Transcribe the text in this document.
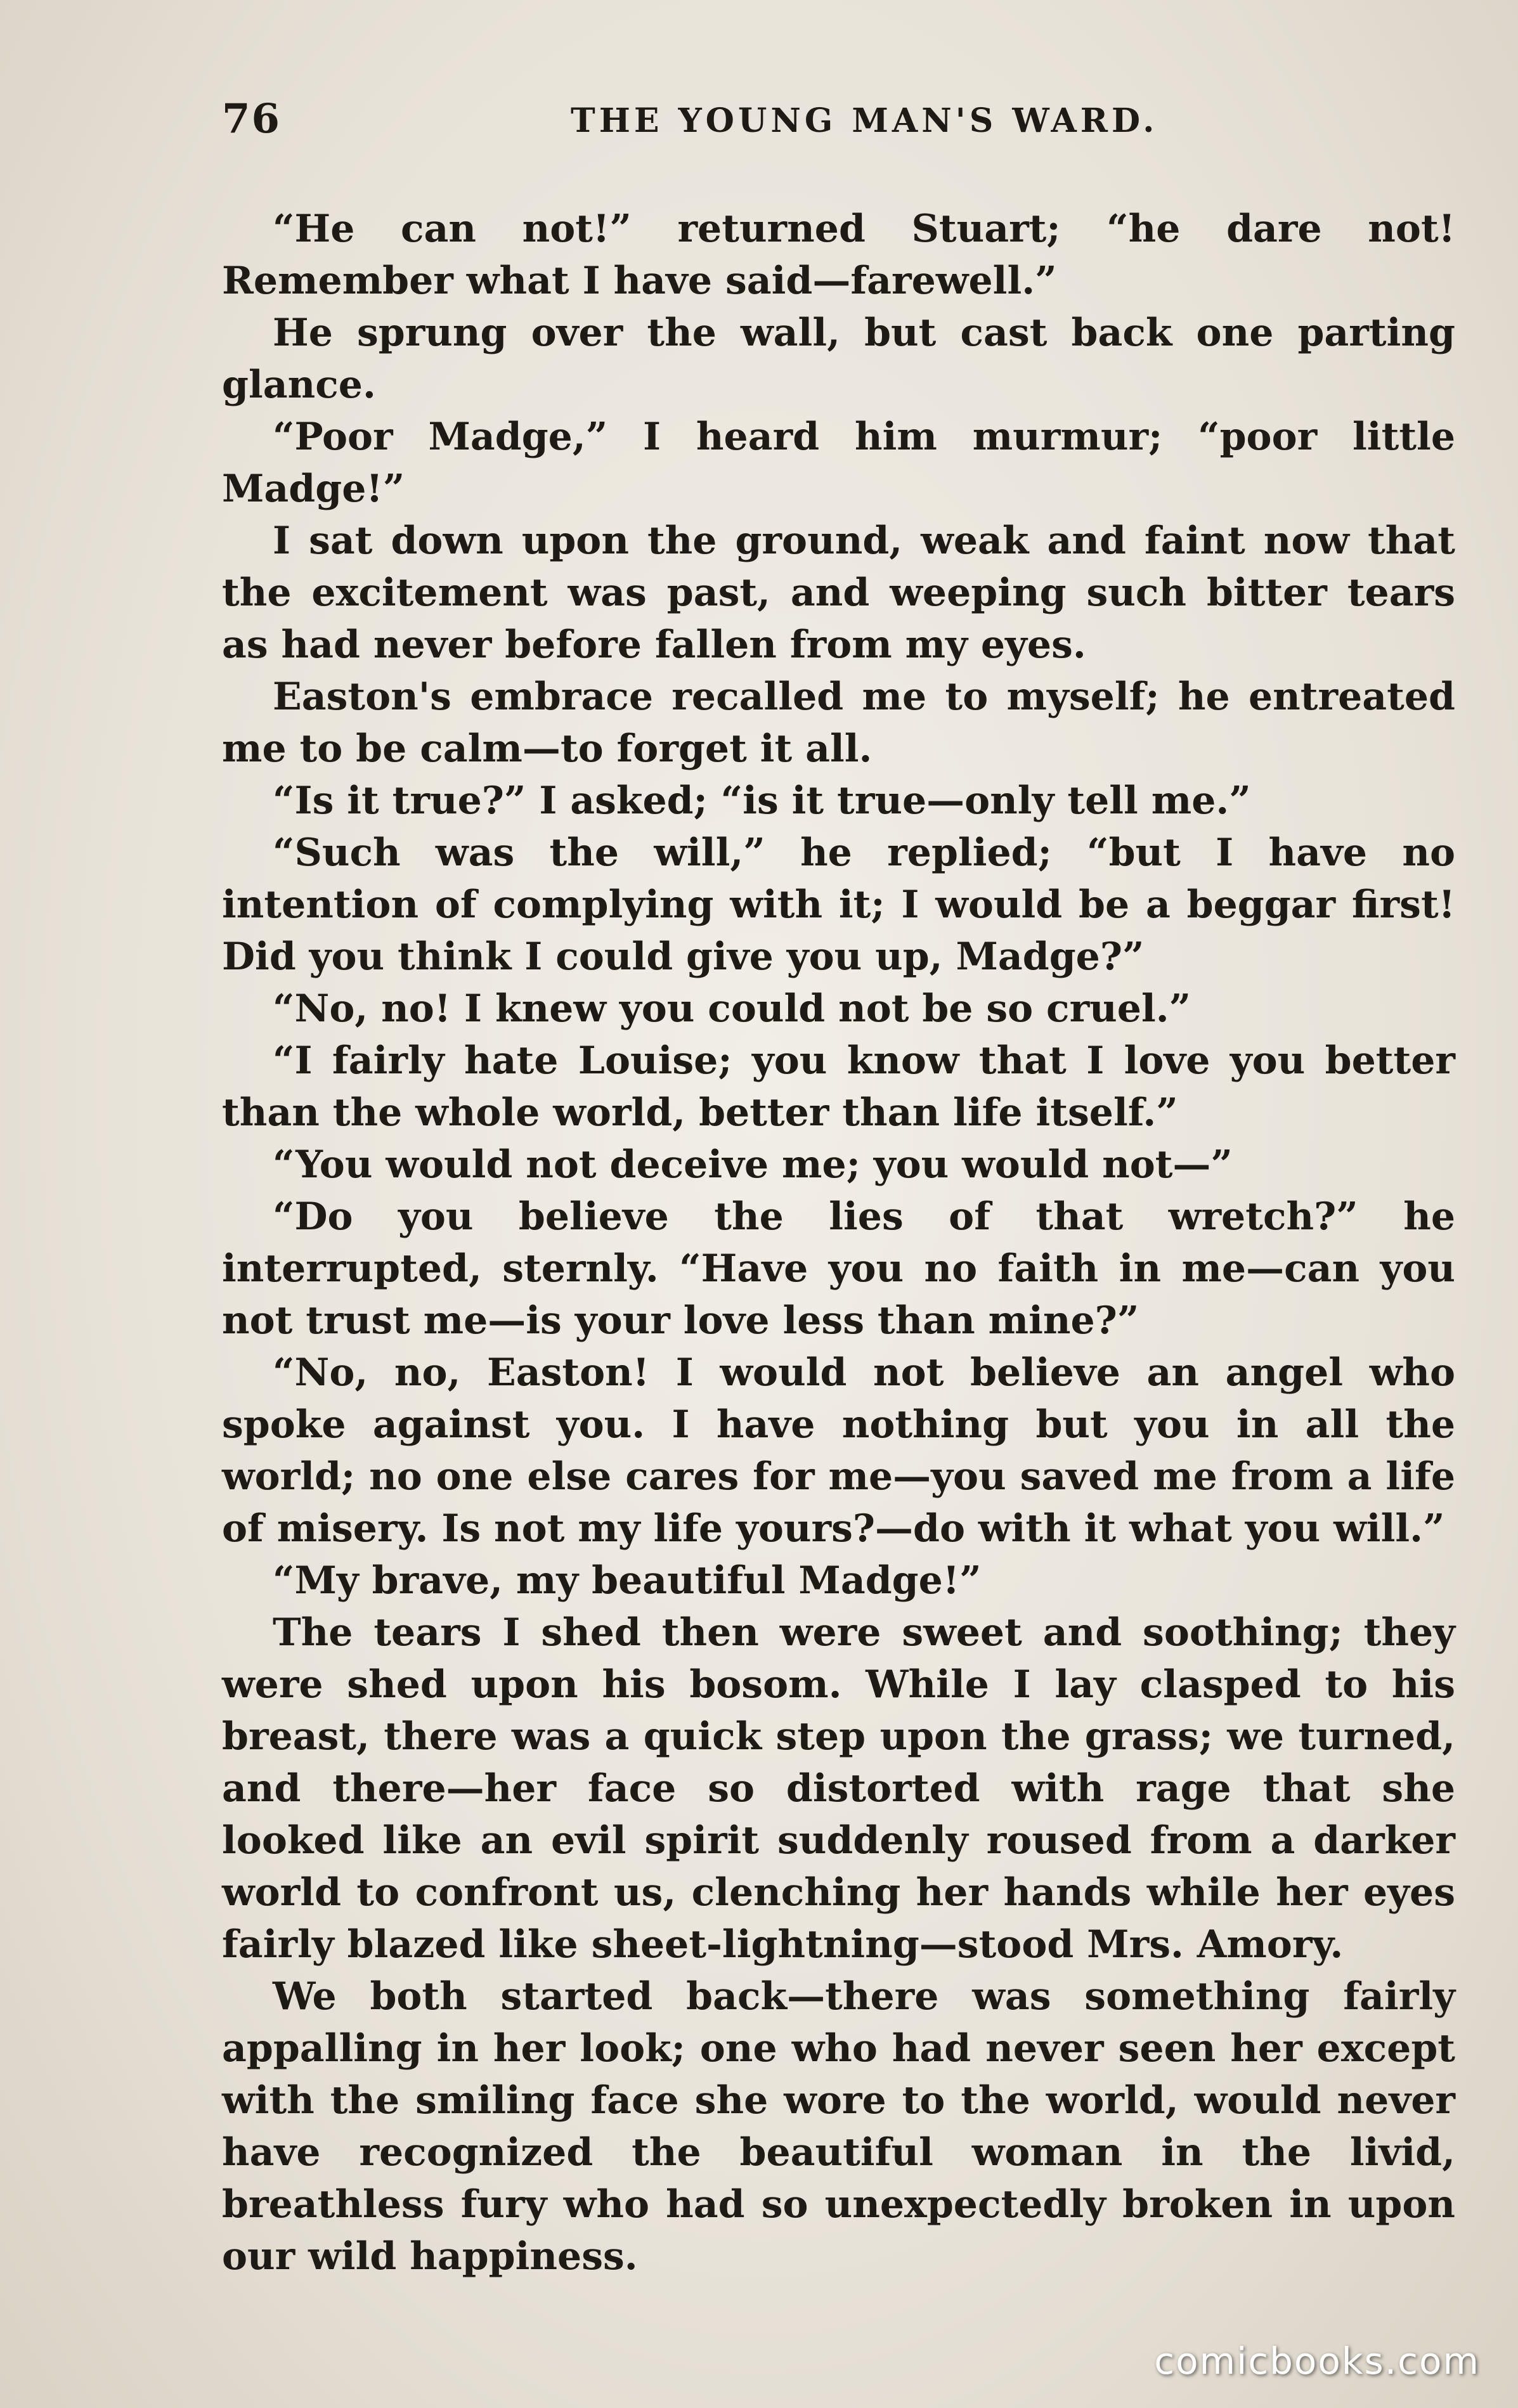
76	THE YOUNG MAN'S WARD.

“He can not!” returned Stuart; “he dare not! Remember what I have said—farewell.”

He sprung over the wall, but cast back one parting glance.

“Poor Madge,” I heard him murmur; “poor little Madge!”

I sat down upon the ground, weak and faint now that the excitement was past, and weeping such bitter tears as had never before fallen from my eyes.

Easton's embrace recalled me to myself; he entreated me to be calm—to forget it all.

“Is it true?” I asked; “is it true—only tell me.”

“Such was the will,” he replied; “but I have no intention of complying with it; I would be a beggar first! Did you think I could give you up, Madge?”

“No, no! I knew you could not be so cruel.”

“I fairly hate Louise; you know that I love you better than the whole world, better than life itself.”

“You would not deceive me; you would not—”

“Do you believe the lies of that wretch?” he interrupted, sternly. “Have you no faith in me—can you not trust me—is your love less than mine?”

“No, no, Easton! I would not believe an angel who spoke against you. I have nothing but you in all the world; no one else cares for me—you saved me from a life of misery. Is not my life yours?—do with it what you will.”

“My brave, my beautiful Madge!”

The tears I shed then were sweet and soothing; they were shed upon his bosom. While I lay clasped to his breast, there was a quick step upon the grass; we turned, and there—her face so distorted with rage that she looked like an evil spirit suddenly roused from a darker world to confront us, clenching her hands while her eyes fairly blazed like sheet-lightning—stood Mrs. Amory.

We both started back—there was something fairly appalling in her look; one who had never seen her except with the smiling face she wore to the world, would never have recognized the beautiful woman in the livid, breathless fury who had so unexpectedly broken in upon our wild happiness.

comicbooks.com
